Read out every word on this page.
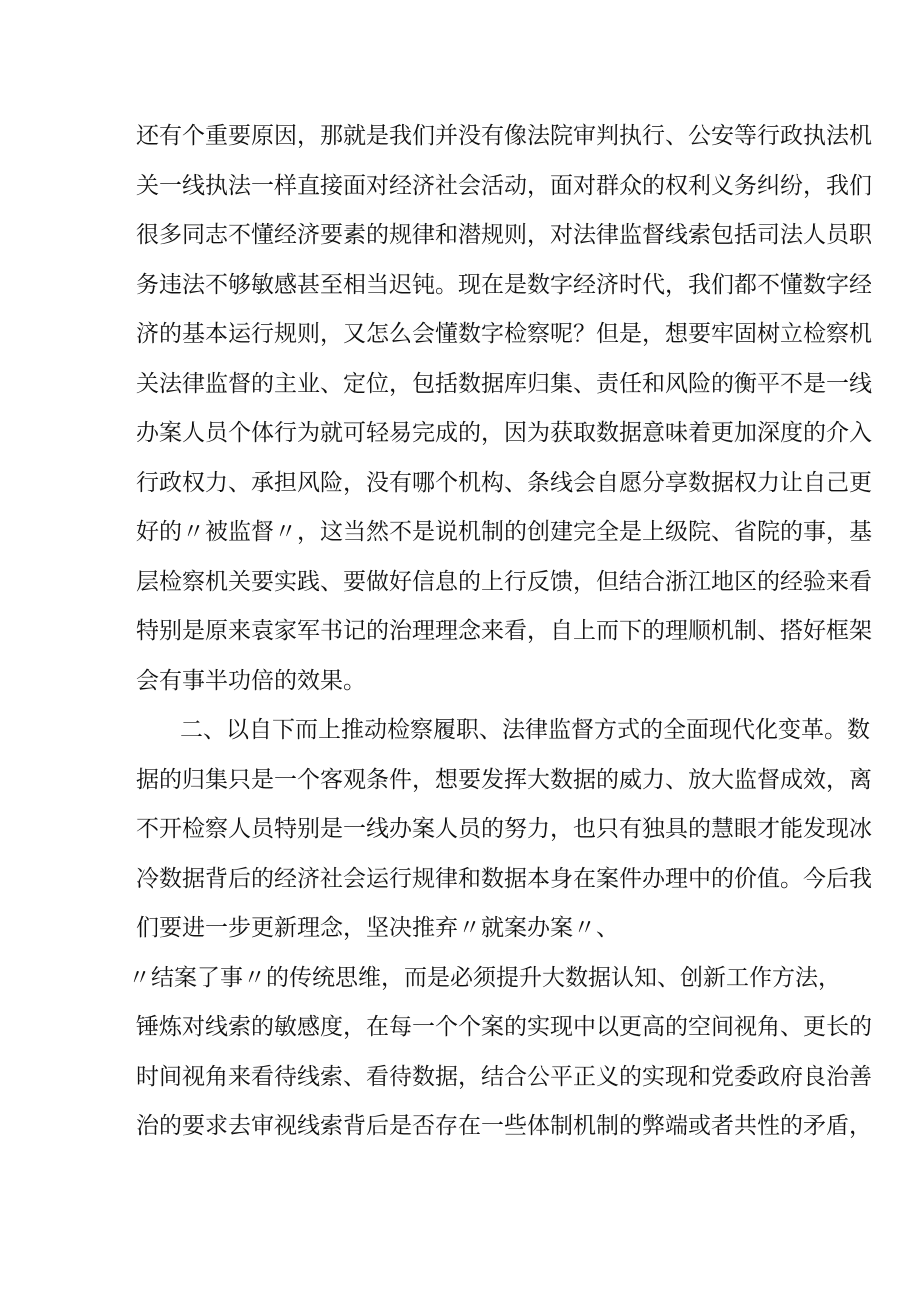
还有个重要原因，那就是我们并没有像法院审判执行、公安等行政执法机
关一线执法一样直接面对经济社会活动，面对群众的权利义务纠纷，我们
很多同志不懂经济要素的规律和潜规则，对法律监督线索包括司法人员职
务违法不够敏感甚至相当迟钝。现在是数字经济时代，我们都不懂数字经
济的基本运行规则，又怎么会懂数字检察呢？但是，想要牢固树立检察机
关法律监督的主业、定位，包括数据库归集、责任和风险的衡平不是一线
办案人员个体行为就可轻易完成的，因为获取数据意味着更加深度的介入
行政权力、承担风险，没有哪个机构、条线会自愿分享数据权力让自己更
好的〃被监督〃，这当然不是说机制的创建完全是上级院、省院的事，基
层检察机关要实践、要做好信息的上行反馈，但结合浙江地区的经验来看
特别是原来袁家军书记的治理理念来看，自上而下的理顺机制、搭好框架
会有事半功倍的效果。
二、以自下而上推动检察履职、法律监督方式的全面现代化变革。数
据的归集只是一个客观条件，想要发挥大数据的威力、放大监督成效，离
不开检察人员特别是一线办案人员的努力，也只有独具的慧眼才能发现冰
冷数据背后的经济社会运行规律和数据本身在案件办理中的价值。今后我
们要进一步更新理念，坚决推弃〃就案办案〃、
〃结案了事〃的传统思维，而是必须提升大数据认知、创新工作方法，
锤炼对线索的敏感度，在每一个个案的实现中以更高的空间视角、更长的
时间视角来看待线索、看待数据，结合公平正义的实现和党委政府良治善
治的要求去审视线索背后是否存在一些体制机制的弊端或者共性的矛盾，
